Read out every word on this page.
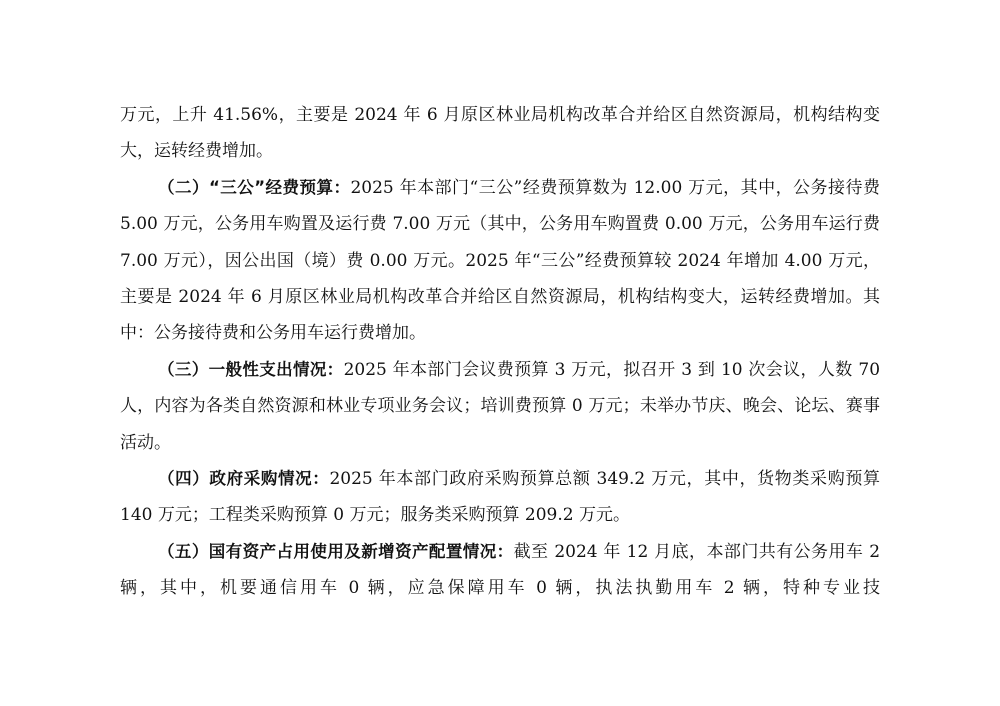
万元，上升 41.56%，主要是 2024 年 6 月原区林业局机构改革合并给区自然资源局，机构结构变大，运转经费增加。

（二）“三公”经费预算：2025 年本部门“三公”经费预算数为 12.00 万元，其中，公务接待费 5.00 万元，公务用车购置及运行费 7.00 万元（其中，公务用车购置费 0.00 万元，公务用车运行费 7.00 万元），因公出国（境）费 0.00 万元。2025 年“三公”经费预算较 2024 年增加 4.00 万元，主要是 2024 年 6 月原区林业局机构改革合并给区自然资源局，机构结构变大，运转经费增加。其中：公务接待费和公务用车运行费增加。

（三）一般性支出情况：2025 年本部门会议费预算 3 万元，拟召开 3 到 10 次会议，人数 70 人，内容为各类自然资源和林业专项业务会议；培训费预算 0 万元；未举办节庆、晚会、论坛、赛事活动。

（四）政府采购情况：2025 年本部门政府采购预算总额 349.2 万元，其中，货物类采购预算 140 万元；工程类采购预算 0 万元；服务类采购预算 209.2 万元。

（五）国有资产占用使用及新增资产配置情况：截至 2024 年 12 月底，本部门共有公务用车 2 辆，其中，机要通信用车 0 辆，应急保障用车 0 辆，执法执勤用车 2 辆，特种专业技
